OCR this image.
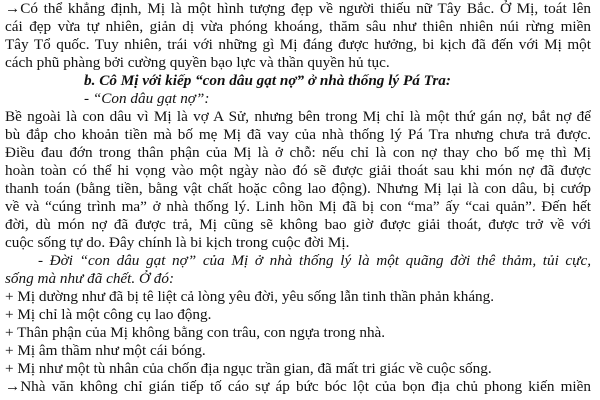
→Có thể khẳng định, Mị là một hình tượng đẹp về người thiếu nữ Tây Bắc. Ở Mị, toát lên
cái đẹp vừa tự nhiên, giản dị vừa phóng khoáng, thăm sâu như thiên nhiên núi rừng miền
Tây Tổ quốc. Tuy nhiên, trái với những gì Mị đáng được hưởng, bi kịch đã đến với Mị một
cách phũ phàng bởi cường quyền bạo lực và thần quyền hủ tục.
b. Cô Mị với kiếp “con dâu gạt nợ” ở nhà thống lý Pá Tra:
- “Con dâu gạt nợ”:
Bề ngoài là con dâu vì Mị là vợ A Sử, nhưng bên trong Mị chỉ là một thứ gán nợ, bắt nợ để
bù đắp cho khoản tiền mà bố mẹ Mị đã vay của nhà thống lý Pá Tra nhưng chưa trả được.
Điều đau đớn trong thân phận của Mị là ở chỗ: nếu chỉ là con nợ thay cho bố mẹ thì Mị
hoàn toàn có thể hi vọng vào một ngày nào đó sẽ được giải thoát sau khi món nợ đã được
thanh toán (bằng tiền, bằng vật chất hoặc công lao động). Nhưng Mị lại là con dâu, bị cướp
về và “cúng trình ma” ở nhà thống lý. Linh hồn Mị đã bị con “ma” ấy “cai quản”. Đến hết
đời, dù món nợ đã được trả, Mị cũng sẽ không bao giờ được giải thoát, được trở về với
cuộc sống tự do. Đây chính là bi kịch trong cuộc đời Mị.
- Đời “con dâu gạt nợ” của Mị ở nhà thống lý là một quãng đời thê thảm, tủi cực,
sống mà như đã chết. Ở đó:
+ Mị dường như đã bị tê liệt cả lòng yêu đời, yêu sống lẫn tinh thần phản kháng.
+ Mị chỉ là một công cụ lao động.
+ Thân phận của Mị không bằng con trâu, con ngựa trong nhà.
+ Mị âm thầm như một cái bóng.
+ Mị như một tù nhân của chốn địa ngục trần gian, đã mất tri giác về cuộc sống.
→Nhà văn không chỉ gián tiếp tố cáo sự áp bức bóc lột của bọn địa chủ phong kiến miền
